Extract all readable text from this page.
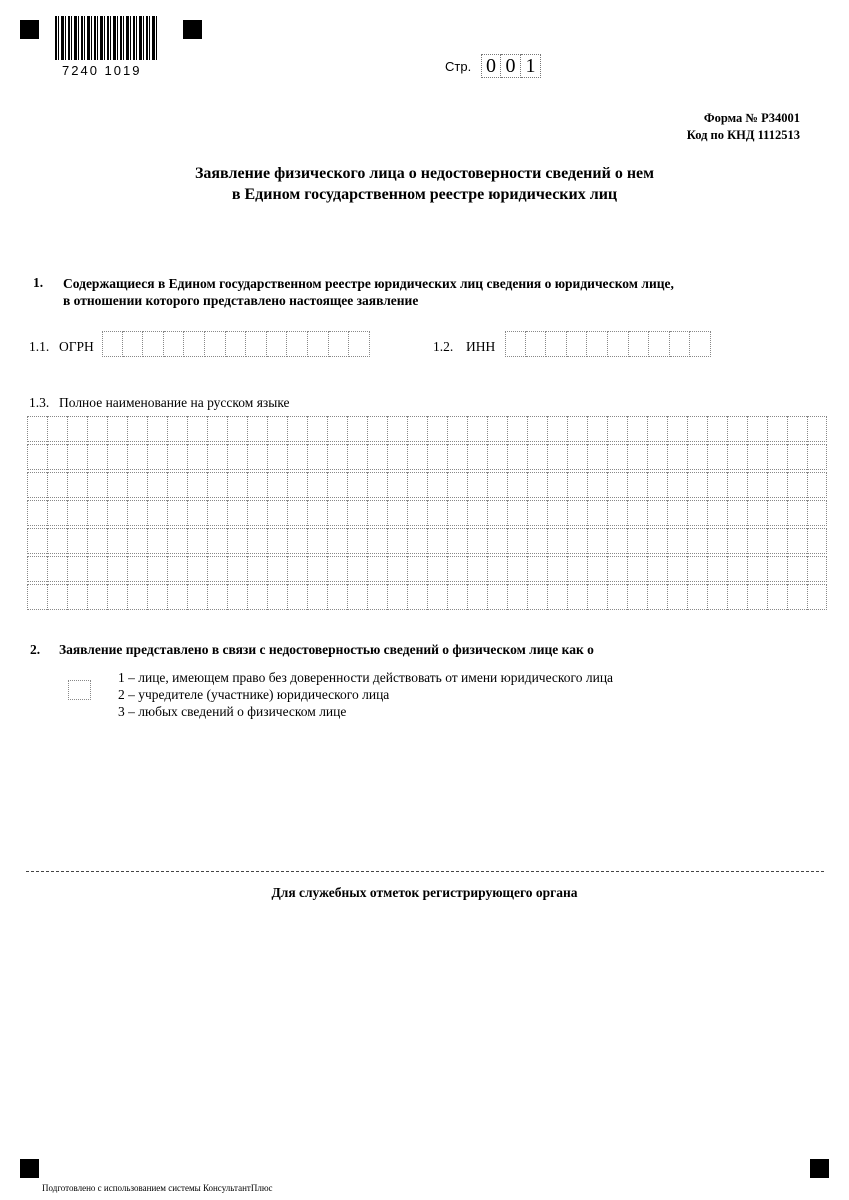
7240 1019	Стр. 0 0 1
Форма № Р34001
Код по КНД 1112513
Заявление физического лица о недостоверности сведений о нем
в Едином государственном реестре юридических лиц
1. Содержащиеся в Едином государственном реестре юридических лиц сведения о юридическом лице,
в отношении которого представлено настоящее заявление
1.1. ОГРН	1.2. ИНН
1.3. Полное наименование на русском языке
2. Заявление представлено в связи с недостоверностью сведений о физическом лице как о
1 – лице, имеющем право без доверенности действовать от имени юридического лица
2 – учредителе (участнике) юридического лица
3 – любых сведений о физическом лице
Для служебных отметок регистрирующего органа
Подготовлено с использованием системы КонсультантПлюс
